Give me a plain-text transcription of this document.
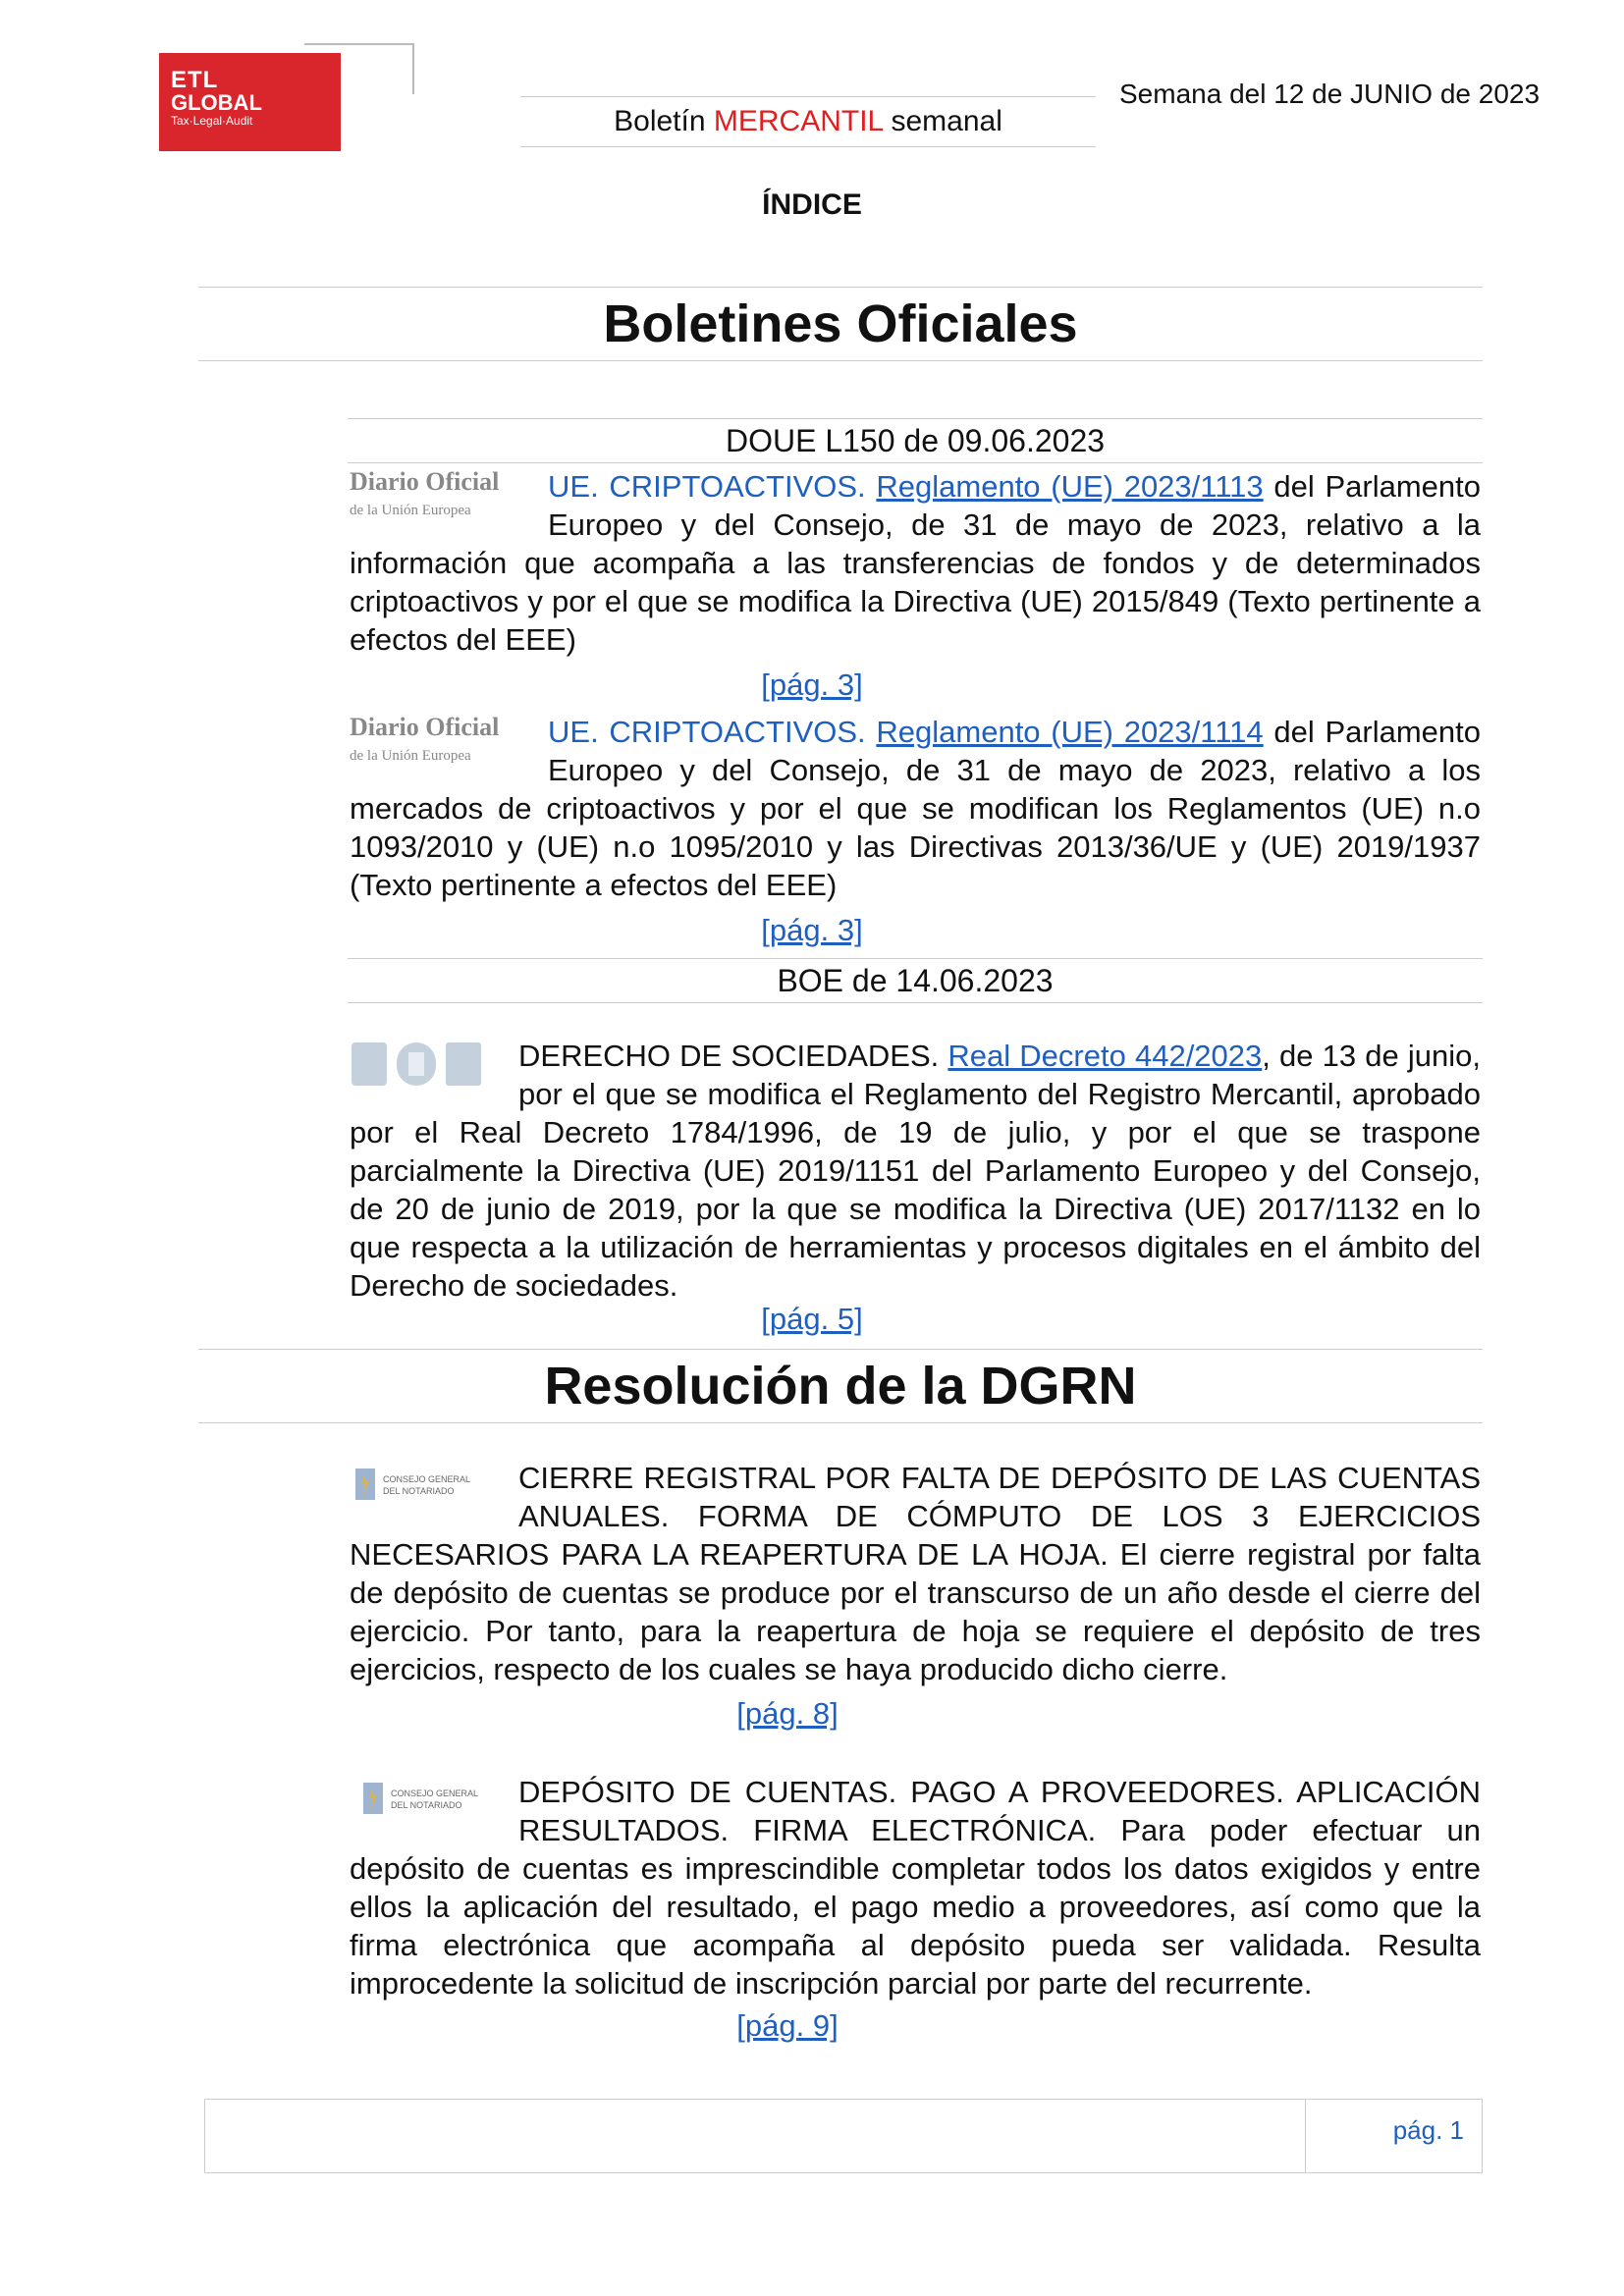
ETL
GLOBAL
Tax·Legal·Audit	Boletín MERCANTIL semanal
Semana del 12 de JUNIO de 2023
ÍNDICE
Boletines Oficiales
DOUE L150 de 09.06.2023
Diario Oficial
de la Unión Europea
UE. CRIPTOACTIVOS. Reglamento (UE) 2023/1113 del Parlamento Europeo y del Consejo, de 31 de mayo de 2023, relativo a la información que acompaña a las transferencias de fondos y de determinados criptoactivos y por el que se modifica la Directiva (UE) 2015/849 (Texto pertinente a efectos del EEE)
[pág. 3]
Diario Oficial
de la Unión Europea
UE. CRIPTOACTIVOS. Reglamento (UE) 2023/1114 del Parlamento Europeo y del Consejo, de 31 de mayo de 2023, relativo a los mercados de criptoactivos y por el que se modifican los Reglamentos (UE) n.o 1093/2010 y (UE) n.o 1095/2010 y las Directivas 2013/36/UE y (UE) 2019/1937 (Texto pertinente a efectos del EEE)
[pág. 3]
BOE de 14.06.2023
DERECHO DE SOCIEDADES. Real Decreto 442/2023, de 13 de junio, por el que se modifica el Reglamento del Registro Mercantil, aprobado por el Real Decreto 1784/1996, de 19 de julio, y por el que se traspone parcialmente la Directiva (UE) 2019/1151 del Parlamento Europeo y del Consejo, de 20 de junio de 2019, por la que se modifica la Directiva (UE) 2017/1132 en lo que respecta a la utilización de herramientas y procesos digitales en el ámbito del Derecho de sociedades.
[pág. 5]
Resolución de la DGRN
CONSEJO GENERAL
DEL NOTARIADO CIERRE REGISTRAL POR FALTA DE DEPÓSITO DE LAS CUENTAS ANUALES. FORMA DE CÓMPUTO DE LOS 3 EJERCICIOS NECESARIOS PARA LA REAPERTURA DE LA HOJA. El cierre registral por falta de depósito de cuentas se produce por el transcurso de un año desde el cierre del ejercicio. Por tanto, para la reapertura de hoja se requiere el depósito de tres ejercicios, respecto de los cuales se haya producido dicho cierre.
[pág. 8]
CONSEJO GENERAL
DEL NOTARIADO DEPÓSITO DE CUENTAS. PAGO A PROVEEDORES. APLICACIÓN RESULTADOS. FIRMA ELECTRÓNICA. Para poder efectuar un depósito de cuentas es imprescindible completar todos los datos exigidos y entre ellos la aplicación del resultado, el pago medio a proveedores, así como que la firma electrónica que acompaña al depósito pueda ser validada. Resulta improcedente la solicitud de inscripción parcial por parte del recurrente.
[pág. 9]
pág. 1
